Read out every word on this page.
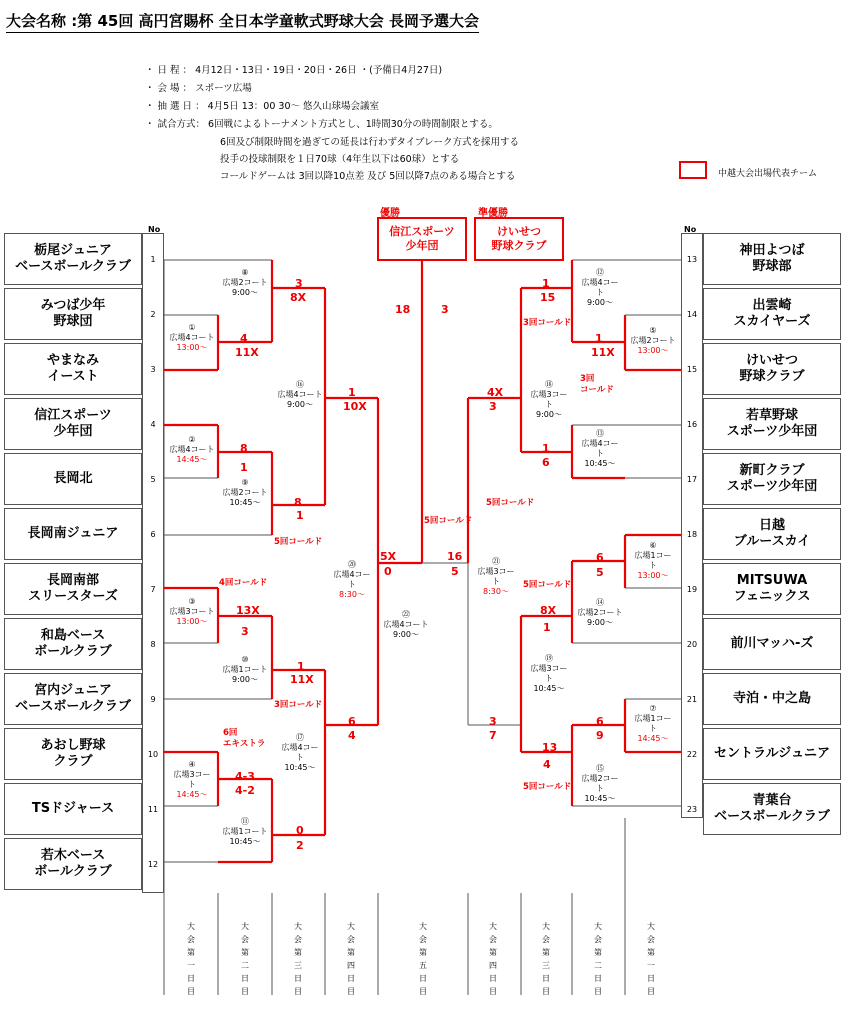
大会名称 :第 45回 高円宮賜杯 全日本学童軟式野球大会 長岡予選大会
・ 日 程 ： 4月12日・13日・19日・20日・26日 ・(予備日4月27日)
・ 会 場 ： スポーツ広場
・ 抽 選 日 ： 4月5日 13：00 30～ 悠久山球場会議室
・ 試合方式： 6回戦によるトーナメント方式とし、1時間30分の時間制限とする。
6回及び制限時間を過ぎての延長は行わずタイブレーク方式を採用する
投手の投球制限を１日70球（4年生以下は60球）とする
コールドゲームは 3回以降10点差 及び 5回以降7点のある場合とする	中越大会出場代表チーム
No	No
栃尾ジュニア
ベースボールクラブ	1
みつば少年
野球団	2
やまなみ
イースト	3
信江スポーツ
少年団	4
長岡北	5
長岡南ジュニア	6
長岡南部
スリースターズ	7
和島ベース
ボールクラブ	8
宮内ジュニア
ベースボールクラブ	9
あおし野球
クラブ	10
TSドジャース	11
若木ベース
ボールクラブ	12
神田よつば
野球部
13
出雲崎
スカイヤーズ
14
けいせつ
野球クラブ
15
若草野球
スポーツ少年団
16
新町クラブ
スポーツ少年団
17
日越
ブルースカイ
18
MITSUWA
フェニックス
19
前川マッハ-ズ
20
寺泊・中之島
21
セントラルジュニア
22
青葉台
ベースボールクラブ
23
信江スポーツ
少年団
けいせつ
野球クラブ
優勝	準優勝
3
8X
4
11X
8
1
8
1
1
10X
13X
3
1
11X
6
4
4-3
4-2
0
2
5X
0
16
5
18	3
1
15
1
11X
4X
3
1
6
6
5
8X
1
3
7
6
9
13
4
5回コールド
4回コールド
3回コールド
6回
エキストラ
5回コールド
3回コールド
3回
コールド
5回コールド
5回コールド
5回コールド
①
広場4コート
13:00～
②
広場4コート
14:45～
③
広場3コート
13:00～
④
広場3コー
ト
14:45～
⑧
広場2コート
9:00～
⑨
広場2コート
10:45～
⑩
広場1コート
9:00～
⑪
広場1コート
10:45～
⑯
広場4コート
9:00～
⑰
広場4コー
ト
10:45～
⑳
広場4コー
ト
8:30～
㉒
広場4コート
9:00～
㉑
広場3コー
ト
8:30～
⑱
広場3コー
ト
9:00～
⑲
広場3コー
ト
10:45～
⑫
広場4コー
ト
9:00～
⑬
広場4コー
ト
10:45～
⑭
広場2コート
9:00～
⑮
広場2コー
ト
10:45～
⑤
広場2コート
13:00～
⑥
広場1コー
ト
13:00～
⑦
広場1コー
ト
14:45～
大会第一日目
大会第二日目
大会第三日目
大会第四日目
大会第五日目
大会第四日目
大会第三日目
大会第二日目
大会第一日目
